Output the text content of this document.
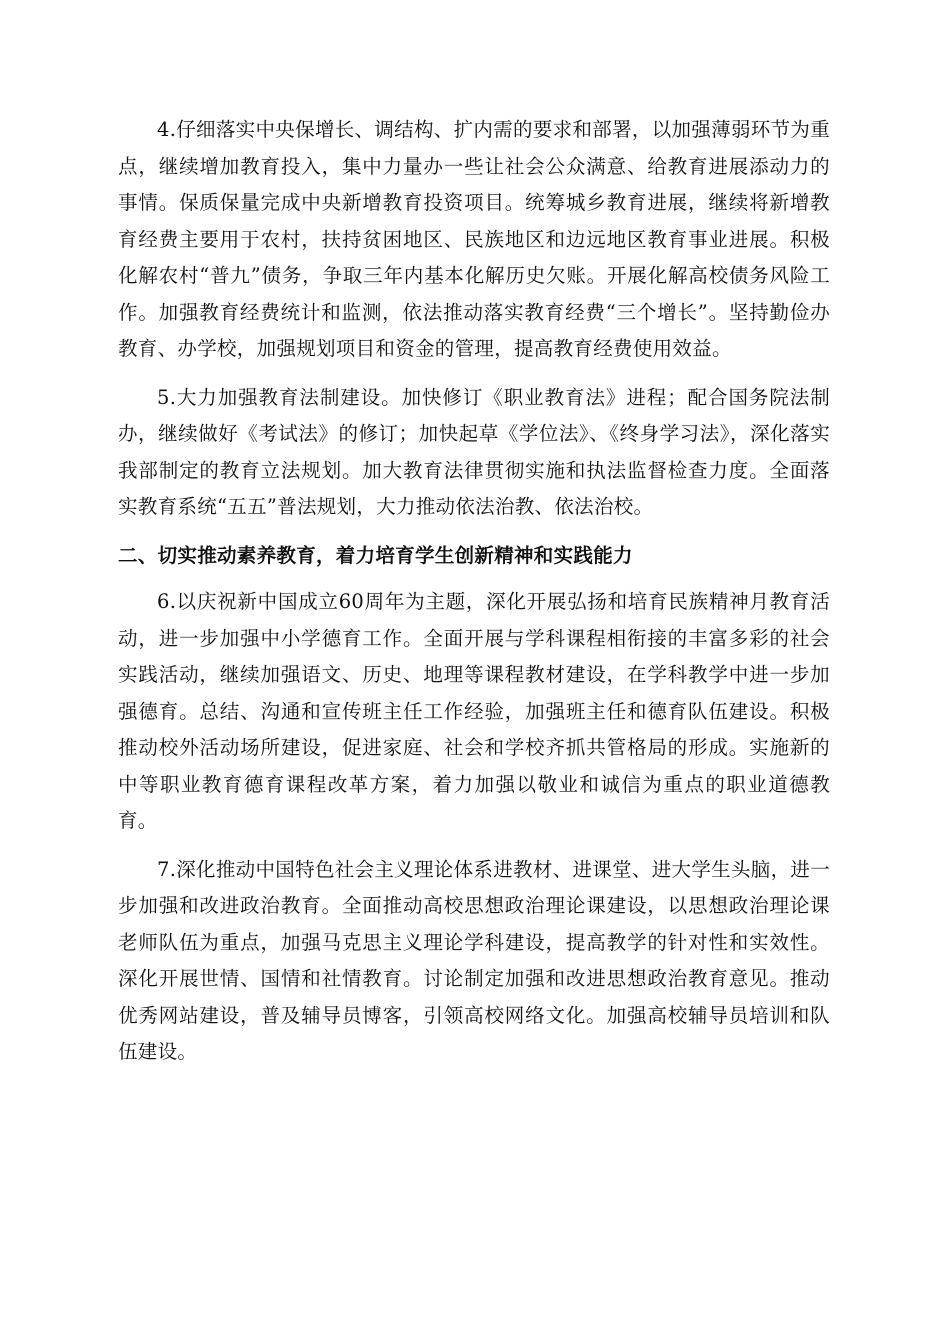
4.仔细落实中央保增长、调结构、扩内需的要求和部署，以加强薄弱环节为重点，继续增加教育投入，集中力量办一些让社会公众满意、给教育进展添动力的事情。保质保量完成中央新增教育投资项目。统筹城乡教育进展，继续将新增教育经费主要用于农村，扶持贫困地区、民族地区和边远地区教育事业进展。积极化解农村“普九”债务，争取三年内基本化解历史欠账。开展化解高校债务风险工作。加强教育经费统计和监测，依法推动落实教育经费“三个增长”。坚持勤俭办教育、办学校，加强规划项目和资金的管理，提高教育经费使用效益。

5.大力加强教育法制建设。加快修订《职业教育法》进程；配合国务院法制办，继续做好《考试法》的修订；加快起草《学位法》、《终身学习法》，深化落实我部制定的教育立法规划。加大教育法律贯彻实施和执法监督检查力度。全面落实教育系统“五五”普法规划，大力推动依法治教、依法治校。

二、切实推动素养教育，着力培育学生创新精神和实践能力

6.以庆祝新中国成立60周年为主题，深化开展弘扬和培育民族精神月教育活动，进一步加强中小学德育工作。全面开展与学科课程相衔接的丰富多彩的社会实践活动，继续加强语文、历史、地理等课程教材建设，在学科教学中进一步加强德育。总结、沟通和宣传班主任工作经验，加强班主任和德育队伍建设。积极推动校外活动场所建设，促进家庭、社会和学校齐抓共管格局的形成。实施新的中等职业教育德育课程改革方案，着力加强以敬业和诚信为重点的职业道德教育。

7.深化推动中国特色社会主义理论体系进教材、进课堂、进大学生头脑，进一步加强和改进政治教育。全面推动高校思想政治理论课建设，以思想政治理论课老师队伍为重点，加强马克思主义理论学科建设，提高教学的针对性和实效性。深化开展世情、国情和社情教育。讨论制定加强和改进思想政治教育意见。推动优秀网站建设，普及辅导员博客，引领高校网络文化。加强高校辅导员培训和队伍建设。
